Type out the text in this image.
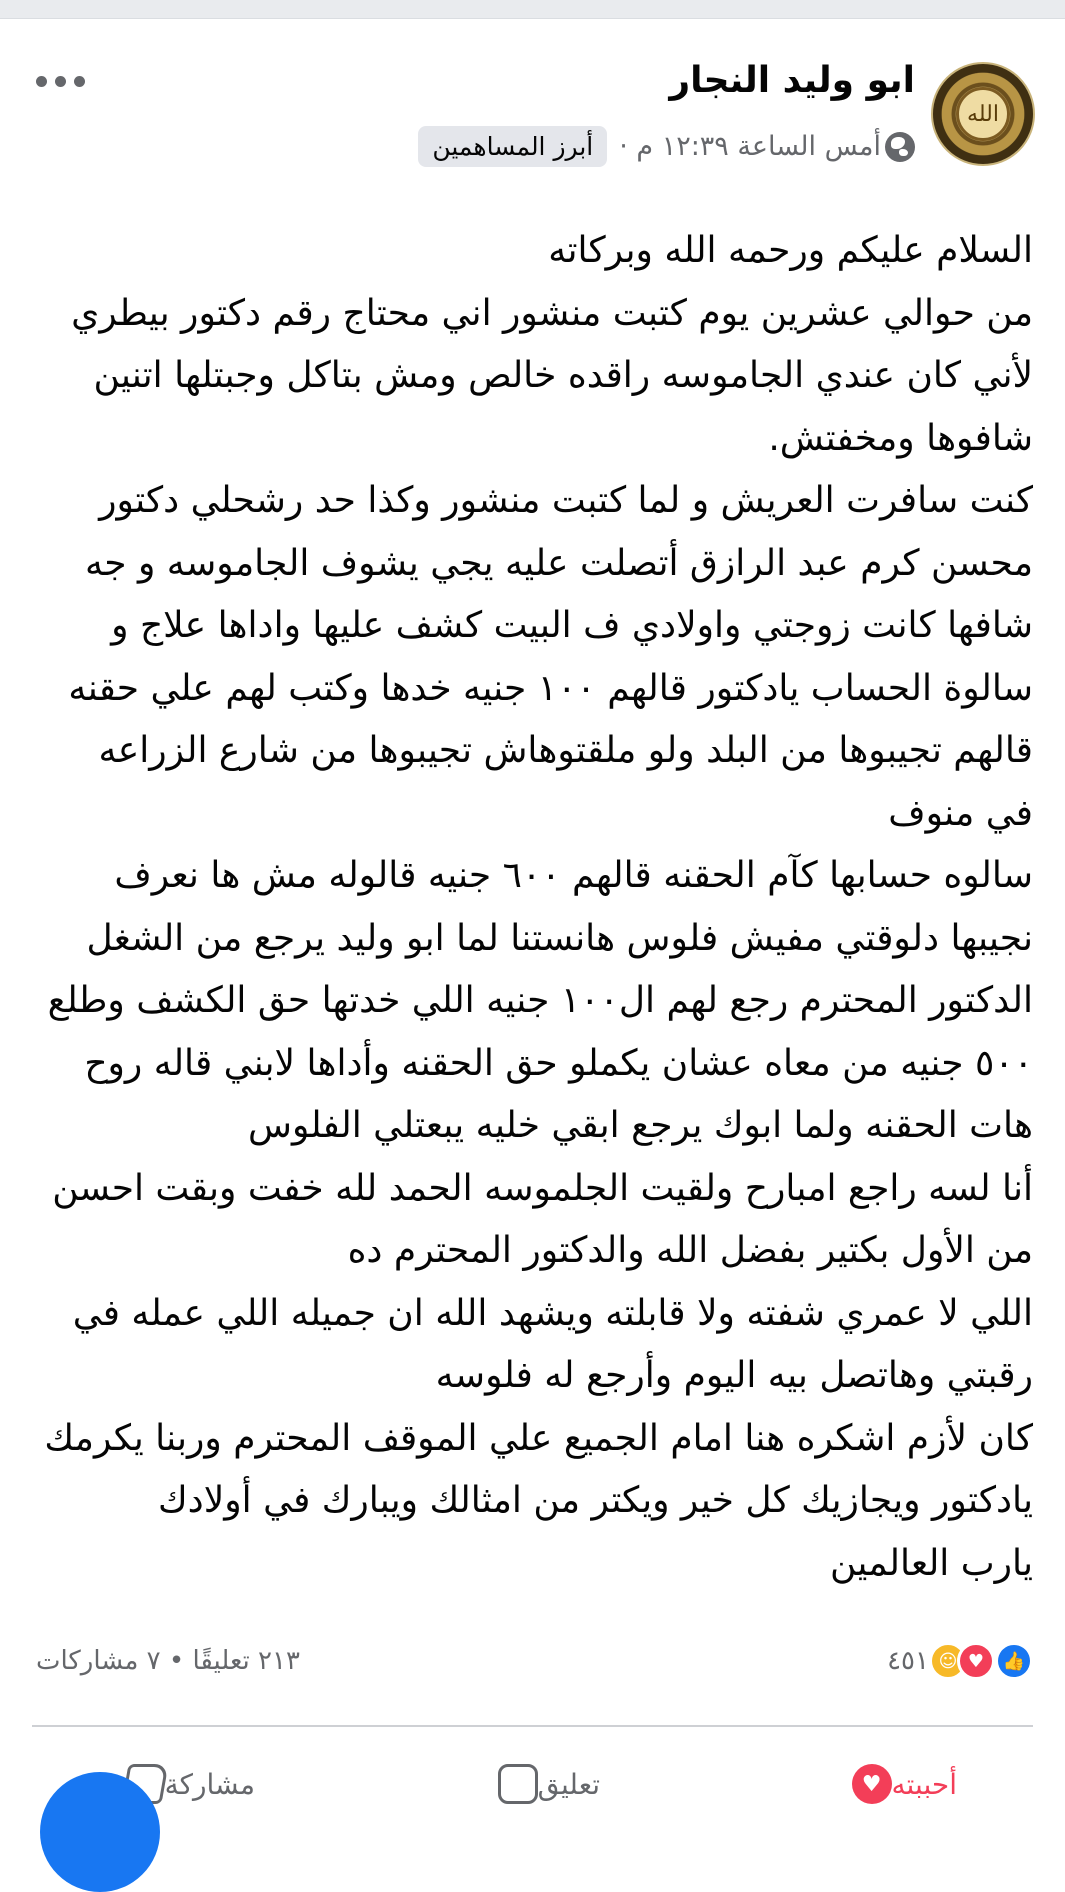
الله
ابو وليد النجار
أبرز المساهمين أمس الساعة ١٢:٣٩ م ·
السلام عليكم ورحمه الله وبركاته
من حوالي عشرين يوم كتبت منشور اني محتاج رقم دكتور بيطري
لأني كان عندي الجاموسه راقده خالص ومش بتاكل وجبتلها اتنين
شافوها ومخفتش.
كنت سافرت العريش و لما كتبت منشور وكذا حد رشحلي دكتور
محسن كرم عبد الرازق أتصلت عليه يجي يشوف الجاموسه و جه
شافها كانت زوجتي واولادي ف البيت كشف عليها واداها علاج و
سالوة الحساب يادكتور قالهم ١٠٠ جنيه خدها وكتب لهم علي حقنه
قالهم تجيبوها من البلد ولو ملقتوهاش تجيبوها من شارع الزراعه
في منوف
سالوه حسابها كآم الحقنه قالهم ٦٠٠ جنيه قالوله مش ها نعرف
نجيبها دلوقتي مفيش فلوس هانستنا لما ابو وليد يرجع من الشغل
الدكتور المحترم رجع لهم ال١٠٠ جنيه اللي خدتها حق الكشف وطلع
٥٠٠ جنيه من معاه عشان يكملو حق الحقنه وأداها لابني قاله روح
هات الحقنه ولما ابوك يرجع ابقي خليه يبعتلي الفلوس
أنا لسه راجع امبارح ولقيت الجلموسه الحمد لله خفت وبقت احسن
من الأول بكتير بفضل الله والدكتور المحترم ده
اللي لا عمري شفته ولا قابلته ويشهد الله ان جميله اللي عمله في
رقبتي وهاتصل بيه اليوم وأرجع له فلوسه
كان لأزم اشكره هنا امام الجميع علي الموقف المحترم وربنا يكرمك
يادكتور ويجازيك كل خير ويكتر من امثالك ويبارك في أولادك
يارب العالمين
👍
♥
☺
٤٥١
٢١٣ تعليقًا • ٧ مشاركات
♥ أحببته
تعليق
مشاركة
